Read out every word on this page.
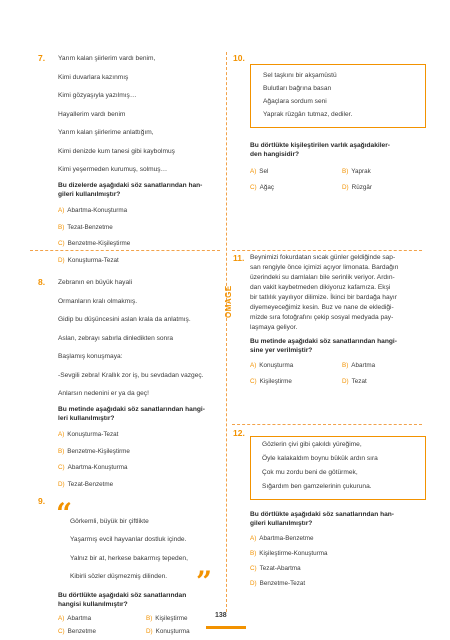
OMAGE
7. Yarım kalan şiirlerim vardı benim,
Kimi duvarlara kazınmış
Kimi gözyaşıyla yazılmış…
Hayallerim vardı benim
Yarım kalan şiirlerime anlattığım,
Kimi denizde kum tanesi gibi kaybolmuş
Kimi yeşermeden kurumuş, solmuş…
Bu dizelerde aşağıdaki söz sanatlarından han-
gileri kullanılmıştır?
A) Abartma-Konuşturma
B) Tezat-Benzetme
C) Benzetme-Kişileştirme
D) Konuşturma-Tezat
8. Zebranın en büyük hayali
Ormanların kralı olmakmış.
Gidip bu düşüncesini aslan krala da anlatmış.
Aslan, zebrayı sabırla dinledikten sonra
Başlamış konuşmaya:
-Sevgili zebra! Krallık zor iş, bu sevdadan vazgeç.
Anlarsın nedenini er ya da geç!
Bu metinde aşağıdaki söz sanatlarından hangi-
leri kullanılmıştır?
A) Konuşturma-Tezat
B) Benzetme-Kişileştirme
C) Abartma-Konuşturma
D) Tezat-Benzetme
9. “
Görkemli, büyük bir çiftlikte
Yaşarmış evcil hayvanlar dostluk içinde.
Yalnız bir at, herkese bakarmış tepeden,
Kibirli sözler düşmezmiş dilinden. ”
Bu dörtlükte aşağıdaki söz sanatlarından
hangisi kullanılmıştır?
A) Abartma	B) Kişileştirme
C) Benzetme	D) Konuşturma
10.
Sel taşkını bir akşamüstü
Bulutları bağrına basan
Ağaçlara sordum seni
Yaprak rüzgârı tutmaz, dediler.
Bu dörtlükte kişileştirilen varlık aşağıdakiler-
den hangisidir?
A) Sel	B) Yaprak
C) Ağaç	D) Rüzgâr
11. Beynimizi fokurdatan sıcak günler geldiğinde sap-
san rengiyle önce içimizi açıyor limonata. Bardağın
üzerindeki su damlaları bile serinlik veriyor. Ardın-
dan vakit kaybetmeden dikiyoruz kafamıza. Ekşi
bir tatlılık yayılıyor dilimize. İkinci bir bardağa hayır
diyemeyeceğimiz kesin. Buz ve nane de eklediği-
mizde sıra fotoğrafını çekip sosyal medyada pay-
laşmaya geliyor.
Bu metinde aşağıdaki söz sanatlarından hangi-
sine yer verilmiştir?
A) Konuşturma	B) Abartma
C) Kişileştirme	D) Tezat
12.
Gözlerin çivi gibi çakıldı yüreğime,
Öyle kalakaldım boynu bükük ardın sıra
Çok mu zordu beni de götürmek,
Sığardım ben gamzelerinin çukuruna.
Bu dörtlükte aşağıdaki söz sanatlarından han-
gileri kullanılmıştır?
A) Abartma-Benzetme
B) Kişileştirme-Konuşturma
C) Tezat-Abartma
D) Benzetme-Tezat
138
